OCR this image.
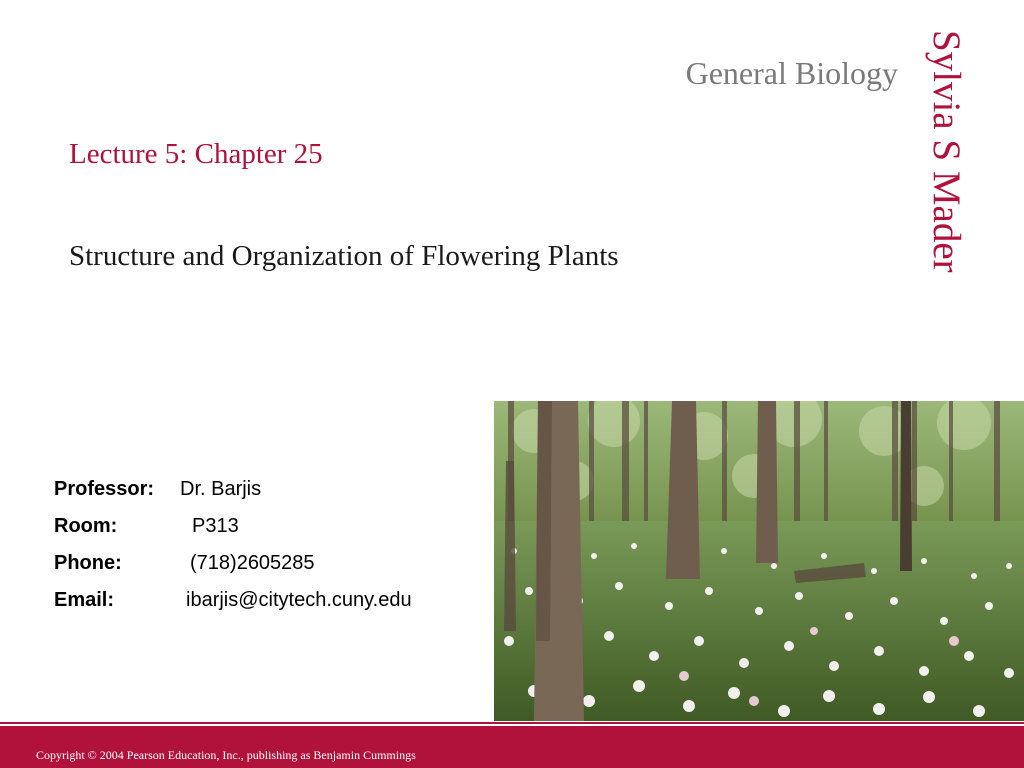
General Biology Sylvia S Mader
Lecture 5: Chapter 25
Structure and Organization of Flowering Plants
Professor: Dr. Barjis
Room:	P313
Phone:	(718)2605285
Email:	ibarjis@citytech.cuny.edu
Copyright © 2004 Pearson Education, Inc., publishing as Benjamin Cummings
